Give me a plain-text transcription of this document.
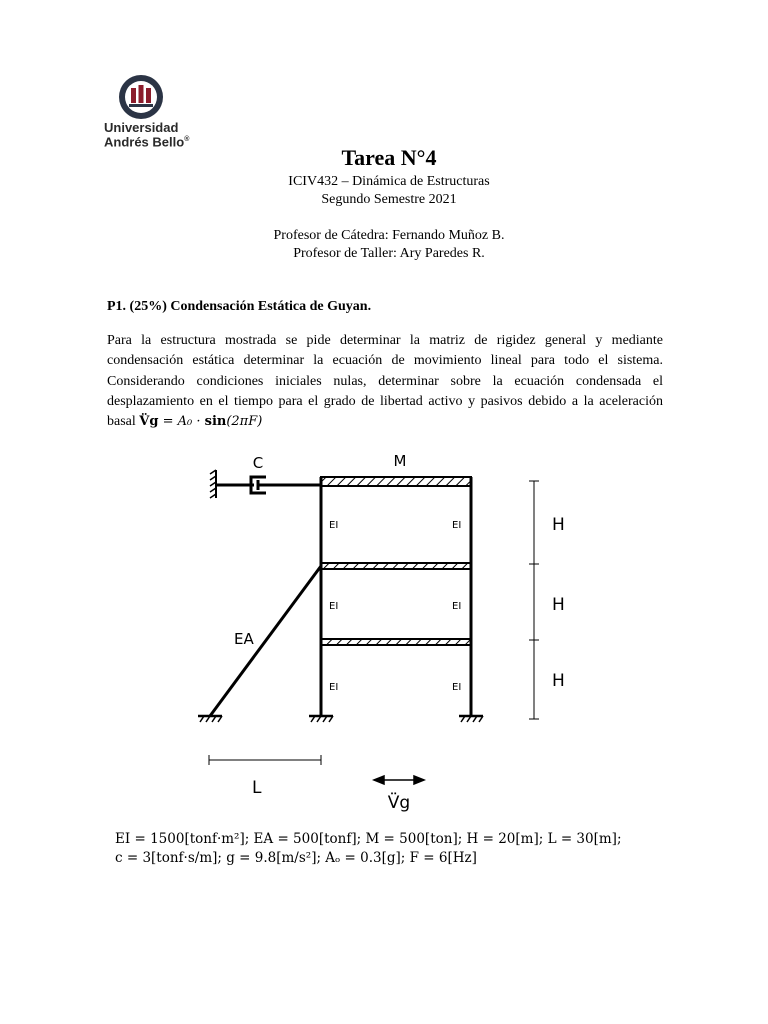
Universidad
Andrés Bello®
Tarea N°4
ICIV432 – Dinámica de Estructuras
Segundo Semestre 2021
Profesor de Cátedra: Fernando Muñoz B.
Profesor de Taller: Ary Paredes R.
P1. (25%) Condensación Estática de Guyan.
Para la estructura mostrada se pide determinar la matriz de rigidez general y mediante condensación estática determinar la ecuación de movimiento lineal para todo el sistema. Considerando condiciones iniciales nulas, determinar sobre la ecuación condensada el desplazamiento en el tiempo para el grado de libertad activo y pasivos debido a la aceleración basal V̈g = A₀ · sin(2πF)
C	M
EI	EI
EI	EI
EI	EI
EA
H
H
H
L
V̈g
EI = 1500[tonf·m²]; EA = 500[tonf]; M = 500[ton]; H = 20[m]; L = 30[m];
c = 3[tonf·s/m]; g = 9.8[m/s²]; Aₒ = 0.3[g]; F = 6[Hz]
